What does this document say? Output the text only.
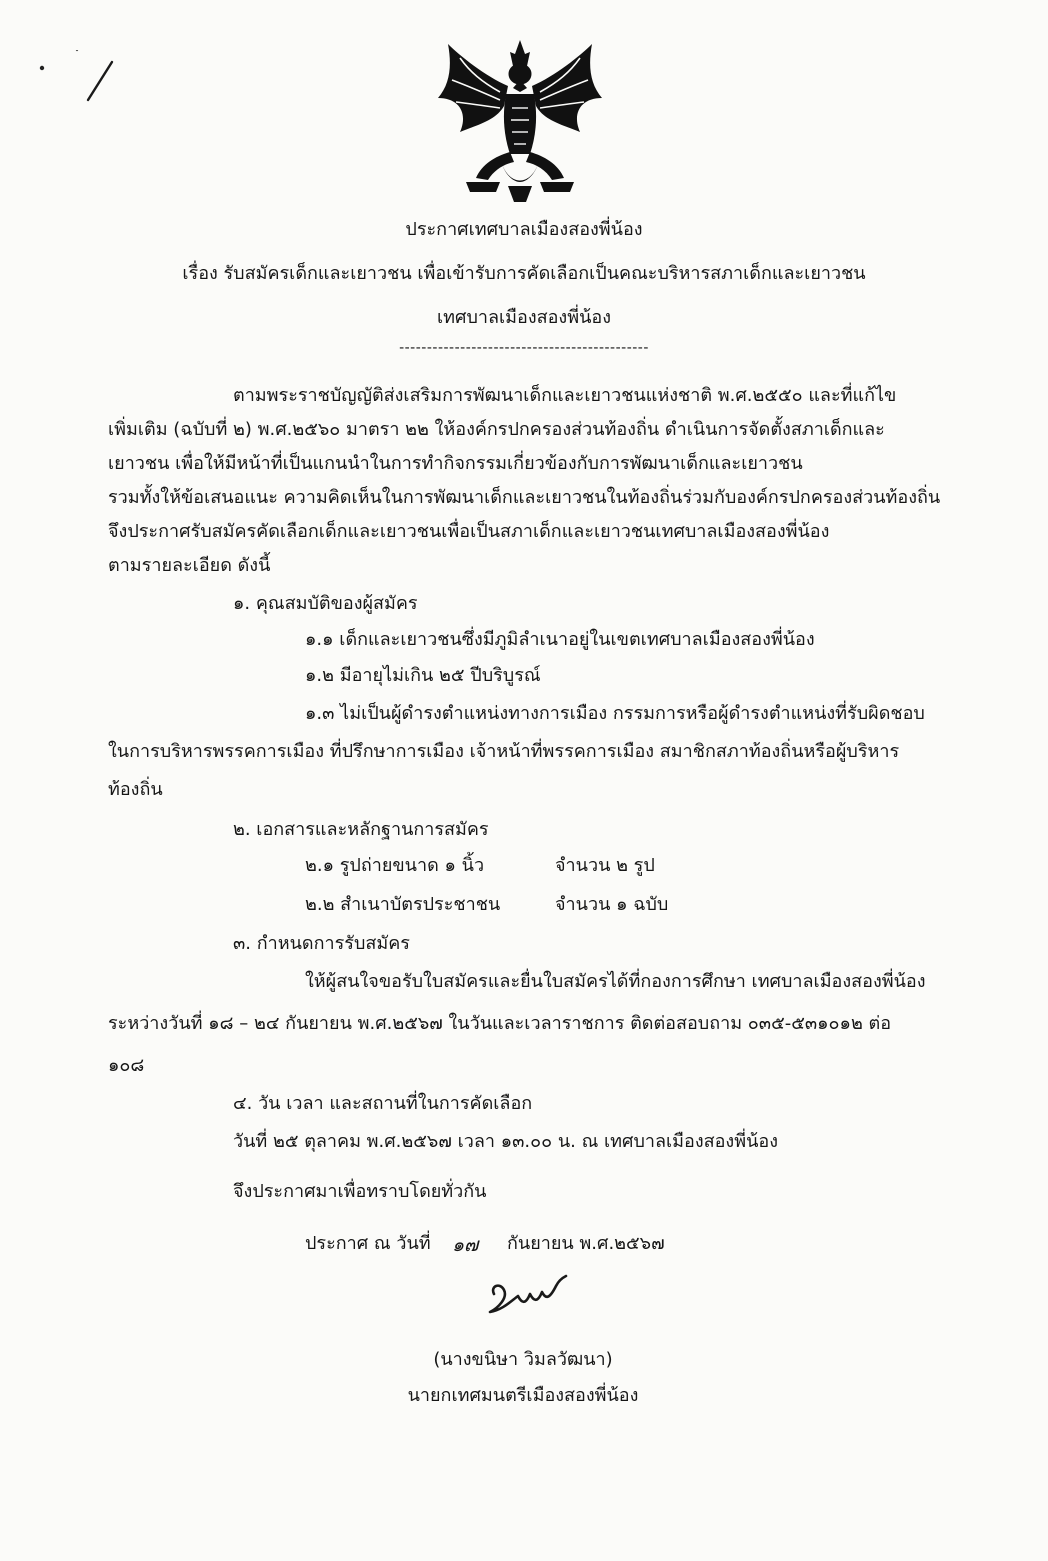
ประกาศเทศบาลเมืองสองพี่น้อง
เรื่อง รับสมัครเด็กและเยาวชน เพื่อเข้ารับการคัดเลือกเป็นคณะบริหารสภาเด็กและเยาวชน
เทศบาลเมืองสองพี่น้อง
---------------------------------------------
ตามพระราชบัญญัติส่งเสริมการพัฒนาเด็กและเยาวชนแห่งชาติ พ.ศ.๒๕๕๐ และที่แก้ไข
เพิ่มเติม (ฉบับที่ ๒) พ.ศ.๒๕๖๐ มาตรา ๒๒ ให้องค์กรปกครองส่วนท้องถิ่น ดำเนินการจัดตั้งสภาเด็กและ
เยาวชน เพื่อให้มีหน้าที่เป็นแกนนำในการทำกิจกรรมเกี่ยวข้องกับการพัฒนาเด็กและเยาวชน
รวมทั้งให้ข้อเสนอแนะ ความคิดเห็นในการพัฒนาเด็กและเยาวชนในท้องถิ่นร่วมกับองค์กรปกครองส่วนท้องถิ่น
จึงประกาศรับสมัครคัดเลือกเด็กและเยาวชนเพื่อเป็นสภาเด็กและเยาวชนเทศบาลเมืองสองพี่น้อง
ตามรายละเอียด ดังนี้
๑. คุณสมบัติของผู้สมัคร
๑.๑ เด็กและเยาวชนซึ่งมีภูมิลำเนาอยู่ในเขตเทศบาลเมืองสองพี่น้อง
๑.๒ มีอายุไม่เกิน ๒๕ ปีบริบูรณ์
๑.๓ ไม่เป็นผู้ดำรงตำแหน่งทางการเมือง กรรมการหรือผู้ดำรงตำแหน่งที่รับผิดชอบ
ในการบริหารพรรคการเมือง ที่ปรึกษาการเมือง เจ้าหน้าที่พรรคการเมือง สมาชิกสภาท้องถิ่นหรือผู้บริหาร
ท้องถิ่น
๒. เอกสารและหลักฐานการสมัคร
๒.๑ รูปถ่ายขนาด ๑ นิ้ว	จำนวน ๒ รูป
๒.๒ สำเนาบัตรประชาชน	จำนวน ๑ ฉบับ
๓. กำหนดการรับสมัคร
ให้ผู้สนใจขอรับใบสมัครและยื่นใบสมัครได้ที่กองการศึกษา เทศบาลเมืองสองพี่น้อง
ระหว่างวันที่ ๑๘ – ๒๔ กันยายน พ.ศ.๒๕๖๗ ในวันและเวลาราชการ ติดต่อสอบถาม ๐๓๕-๕๓๑๐๑๒ ต่อ
๑๐๘
๔. วัน เวลา และสถานที่ในการคัดเลือก
วันที่ ๒๕ ตุลาคม พ.ศ.๒๕๖๗ เวลา ๑๓.๐๐ น. ณ เทศบาลเมืองสองพี่น้อง
จึงประกาศมาเพื่อทราบโดยทั่วกัน
ประกาศ ณ วันที่ ๑๗ กันยายน พ.ศ.๒๕๖๗
(นางขนิษา วิมลวัฒนา)
นายกเทศมนตรีเมืองสองพี่น้อง
